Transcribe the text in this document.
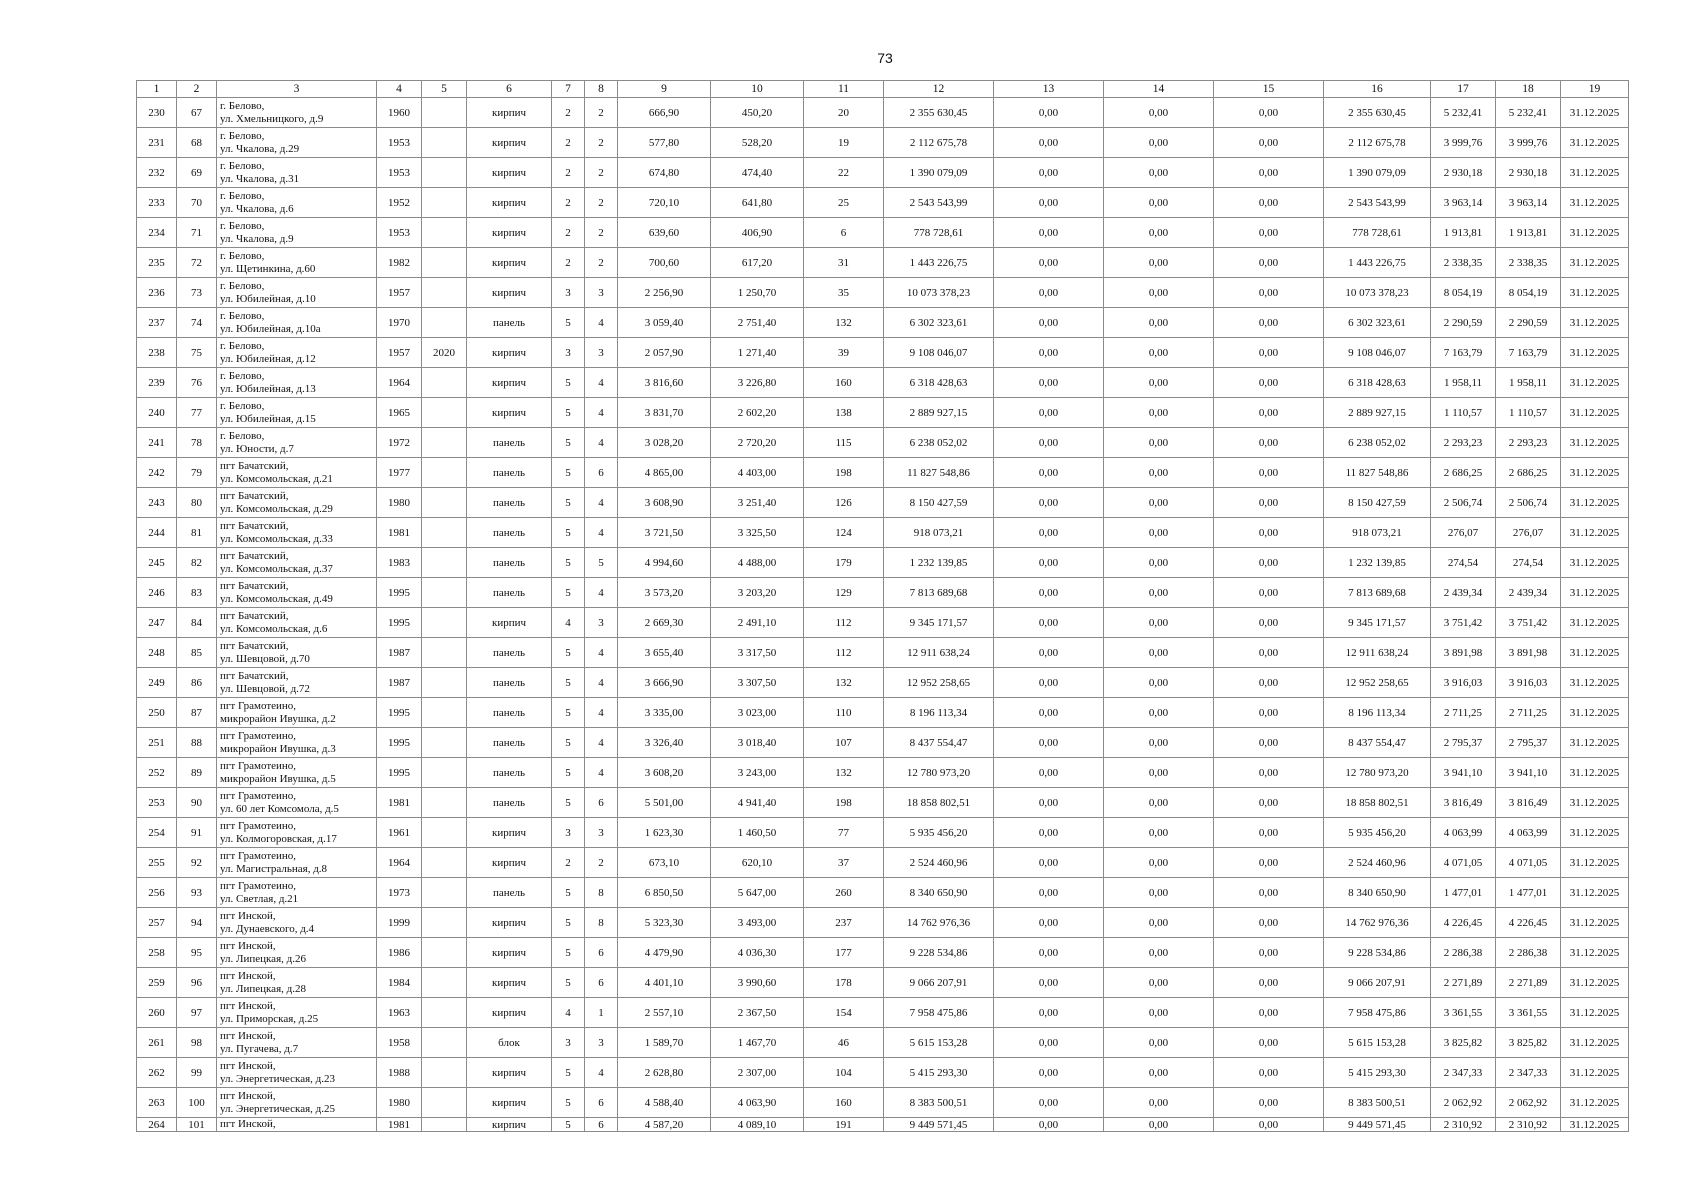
73
1	2	3	4	5	6	7	8	9	10	11	12	13	14	15	16	17	18	19
230	67	г. Белово,
ул. Хмельницкого, д.9	1960		кирпич	2	2	666,90	450,20	20	2 355 630,45	0,00	0,00	0,00	2 355 630,45	5 232,41	5 232,41	31.12.2025
231	68	г. Белово,
ул. Чкалова, д.29	1953		кирпич	2	2	577,80	528,20	19	2 112 675,78	0,00	0,00	0,00	2 112 675,78	3 999,76	3 999,76	31.12.2025
232	69	г. Белово,
ул. Чкалова, д.31	1953		кирпич	2	2	674,80	474,40	22	1 390 079,09	0,00	0,00	0,00	1 390 079,09	2 930,18	2 930,18	31.12.2025
233	70	г. Белово,
ул. Чкалова, д.6	1952		кирпич	2	2	720,10	641,80	25	2 543 543,99	0,00	0,00	0,00	2 543 543,99	3 963,14	3 963,14	31.12.2025
234	71	г. Белово,
ул. Чкалова, д.9	1953		кирпич	2	2	639,60	406,90	6	778 728,61	0,00	0,00	0,00	778 728,61	1 913,81	1 913,81	31.12.2025
235	72	г. Белово,
ул. Щетинкина, д.60	1982		кирпич	2	2	700,60	617,20	31	1 443 226,75	0,00	0,00	0,00	1 443 226,75	2 338,35	2 338,35	31.12.2025
236	73	г. Белово,
ул. Юбилейная, д.10	1957		кирпич	3	3	2 256,90	1 250,70	35	10 073 378,23	0,00	0,00	0,00	10 073 378,23	8 054,19	8 054,19	31.12.2025
237	74	г. Белово,
ул. Юбилейная, д.10а	1970		панель	5	4	3 059,40	2 751,40	132	6 302 323,61	0,00	0,00	0,00	6 302 323,61	2 290,59	2 290,59	31.12.2025
238	75	г. Белово,
ул. Юбилейная, д.12	1957	2020	кирпич	3	3	2 057,90	1 271,40	39	9 108 046,07	0,00	0,00	0,00	9 108 046,07	7 163,79	7 163,79	31.12.2025
239	76	г. Белово,
ул. Юбилейная, д.13	1964		кирпич	5	4	3 816,60	3 226,80	160	6 318 428,63	0,00	0,00	0,00	6 318 428,63	1 958,11	1 958,11	31.12.2025
240	77	г. Белово,
ул. Юбилейная, д.15	1965		кирпич	5	4	3 831,70	2 602,20	138	2 889 927,15	0,00	0,00	0,00	2 889 927,15	1 110,57	1 110,57	31.12.2025
241	78	г. Белово,
ул. Юности, д.7	1972		панель	5	4	3 028,20	2 720,20	115	6 238 052,02	0,00	0,00	0,00	6 238 052,02	2 293,23	2 293,23	31.12.2025
242	79	пгт Бачатский,
ул. Комсомольская, д.21	1977		панель	5	6	4 865,00	4 403,00	198	11 827 548,86	0,00	0,00	0,00	11 827 548,86	2 686,25	2 686,25	31.12.2025
243	80	пгт Бачатский,
ул. Комсомольская, д.29	1980		панель	5	4	3 608,90	3 251,40	126	8 150 427,59	0,00	0,00	0,00	8 150 427,59	2 506,74	2 506,74	31.12.2025
244	81	пгт Бачатский,
ул. Комсомольская, д.33	1981		панель	5	4	3 721,50	3 325,50	124	918 073,21	0,00	0,00	0,00	918 073,21	276,07	276,07	31.12.2025
245	82	пгт Бачатский,
ул. Комсомольская, д.37	1983		панель	5	5	4 994,60	4 488,00	179	1 232 139,85	0,00	0,00	0,00	1 232 139,85	274,54	274,54	31.12.2025
246	83	пгт Бачатский,
ул. Комсомольская, д.49	1995		панель	5	4	3 573,20	3 203,20	129	7 813 689,68	0,00	0,00	0,00	7 813 689,68	2 439,34	2 439,34	31.12.2025
247	84	пгт Бачатский,
ул. Комсомольская, д.6	1995		кирпич	4	3	2 669,30	2 491,10	112	9 345 171,57	0,00	0,00	0,00	9 345 171,57	3 751,42	3 751,42	31.12.2025
248	85	пгт Бачатский,
ул. Шевцовой, д.70	1987		панель	5	4	3 655,40	3 317,50	112	12 911 638,24	0,00	0,00	0,00	12 911 638,24	3 891,98	3 891,98	31.12.2025
249	86	пгт Бачатский,
ул. Шевцовой, д.72	1987		панель	5	4	3 666,90	3 307,50	132	12 952 258,65	0,00	0,00	0,00	12 952 258,65	3 916,03	3 916,03	31.12.2025
250	87	пгт Грамотеино,
микрорайон Ивушка, д.2	1995		панель	5	4	3 335,00	3 023,00	110	8 196 113,34	0,00	0,00	0,00	8 196 113,34	2 711,25	2 711,25	31.12.2025
251	88	пгт Грамотеино,
микрорайон Ивушка, д.3	1995		панель	5	4	3 326,40	3 018,40	107	8 437 554,47	0,00	0,00	0,00	8 437 554,47	2 795,37	2 795,37	31.12.2025
252	89	пгт Грамотеино,
микрорайон Ивушка, д.5	1995		панель	5	4	3 608,20	3 243,00	132	12 780 973,20	0,00	0,00	0,00	12 780 973,20	3 941,10	3 941,10	31.12.2025
253	90	пгт Грамотеино,
ул. 60 лет Комсомола, д.5	1981		панель	5	6	5 501,00	4 941,40	198	18 858 802,51	0,00	0,00	0,00	18 858 802,51	3 816,49	3 816,49	31.12.2025
254	91	пгт Грамотеино,
ул. Колмогоровская, д.17	1961		кирпич	3	3	1 623,30	1 460,50	77	5 935 456,20	0,00	0,00	0,00	5 935 456,20	4 063,99	4 063,99	31.12.2025
255	92	пгт Грамотеино,
ул. Магистральная, д.8	1964		кирпич	2	2	673,10	620,10	37	2 524 460,96	0,00	0,00	0,00	2 524 460,96	4 071,05	4 071,05	31.12.2025
256	93	пгт Грамотеино,
ул. Светлая, д.21	1973		панель	5	8	6 850,50	5 647,00	260	8 340 650,90	0,00	0,00	0,00	8 340 650,90	1 477,01	1 477,01	31.12.2025
257	94	пгт Инской,
ул. Дунаевского, д.4	1999		кирпич	5	8	5 323,30	3 493,00	237	14 762 976,36	0,00	0,00	0,00	14 762 976,36	4 226,45	4 226,45	31.12.2025
258	95	пгт Инской,
ул. Липецкая, д.26	1986		кирпич	5	6	4 479,90	4 036,30	177	9 228 534,86	0,00	0,00	0,00	9 228 534,86	2 286,38	2 286,38	31.12.2025
259	96	пгт Инской,
ул. Липецкая, д.28	1984		кирпич	5	6	4 401,10	3 990,60	178	9 066 207,91	0,00	0,00	0,00	9 066 207,91	2 271,89	2 271,89	31.12.2025
260	97	пгт Инской,
ул. Приморская, д.25	1963		кирпич	4	1	2 557,10	2 367,50	154	7 958 475,86	0,00	0,00	0,00	7 958 475,86	3 361,55	3 361,55	31.12.2025
261	98	пгт Инской,
ул. Пугачева, д.7	1958		блок	3	3	1 589,70	1 467,70	46	5 615 153,28	0,00	0,00	0,00	5 615 153,28	3 825,82	3 825,82	31.12.2025
262	99	пгт Инской,
ул. Энергетическая, д.23	1988		кирпич	5	4	2 628,80	2 307,00	104	5 415 293,30	0,00	0,00	0,00	5 415 293,30	2 347,33	2 347,33	31.12.2025
263	100	пгт Инской,
ул. Энергетическая, д.25	1980		кирпич	5	6	4 588,40	4 063,90	160	8 383 500,51	0,00	0,00	0,00	8 383 500,51	2 062,92	2 062,92	31.12.2025
264	101	пгт Инской,	1981		кирпич	5	6	4 587,20	4 089,10	191	9 449 571,45	0,00	0,00	0,00	9 449 571,45	2 310,92	2 310,92	31.12.2025
